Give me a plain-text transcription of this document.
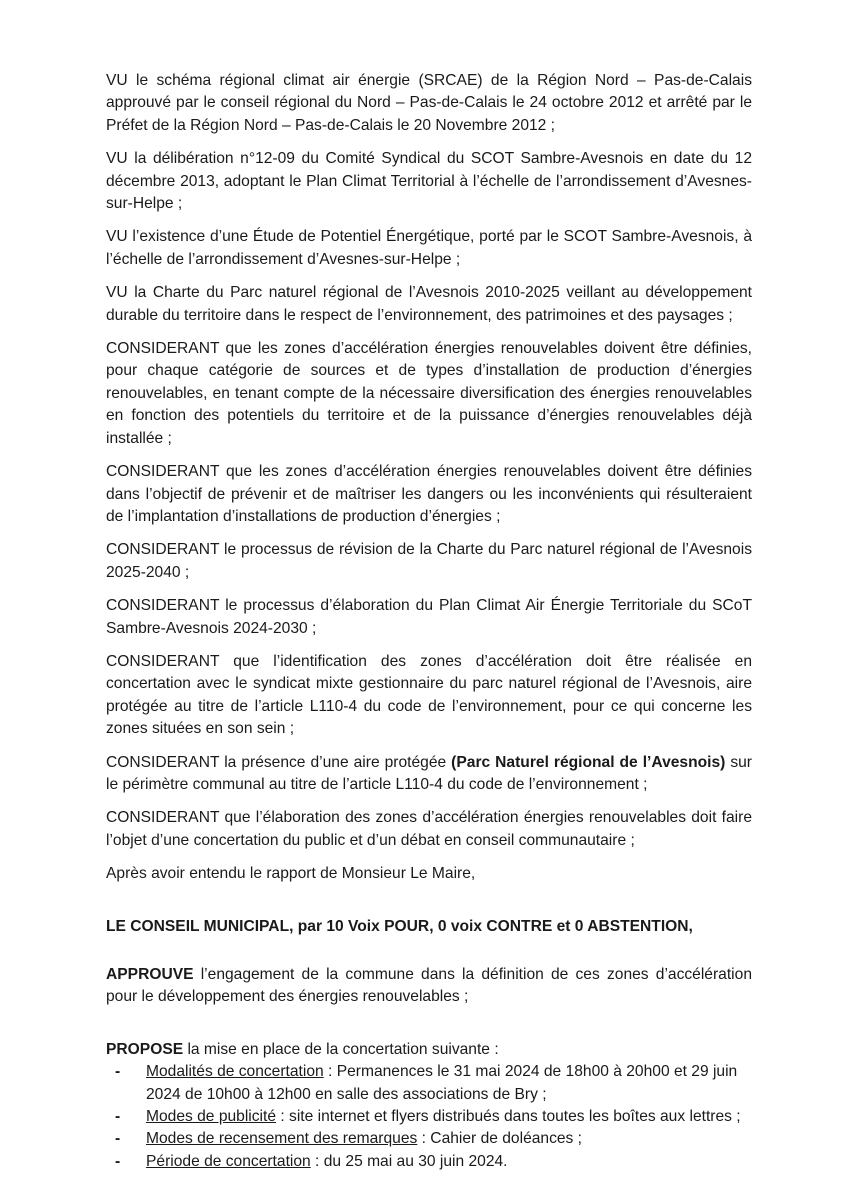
VU le schéma régional climat air énergie (SRCAE) de la Région Nord – Pas-de-Calais approuvé par le conseil régional du Nord – Pas-de-Calais le 24 octobre 2012 et arrêté par le Préfet de la Région Nord – Pas-de-Calais le 20 Novembre 2012 ;

VU la délibération n°12-09 du Comité Syndical du SCOT Sambre-Avesnois en date du 12 décembre 2013, adoptant le Plan Climat Territorial à l’échelle de l’arrondissement d’Avesnes-sur-Helpe ;

VU l’existence d’une Étude de Potentiel Énergétique, porté par le SCOT Sambre-Avesnois, à l’échelle de l’arrondissement d’Avesnes-sur-Helpe ;

VU la Charte du Parc naturel régional de l’Avesnois 2010-2025 veillant au développement durable du territoire dans le respect de l’environnement, des patrimoines et des paysages ;

CONSIDERANT que les zones d’accélération énergies renouvelables doivent être définies, pour chaque catégorie de sources et de types d’installation de production d’énergies renouvelables, en tenant compte de la nécessaire diversification des énergies renouvelables en fonction des potentiels du territoire et de la puissance d’énergies renouvelables déjà installée ;

CONSIDERANT que les zones d’accélération énergies renouvelables doivent être définies dans l’objectif de prévenir et de maîtriser les dangers ou les inconvénients qui résulteraient de l’implantation d’installations de production d’énergies ;

CONSIDERANT le processus de révision de la Charte du Parc naturel régional de l’Avesnois 2025-2040 ;

CONSIDERANT le processus d’élaboration du Plan Climat Air Énergie Territoriale du SCoT Sambre-Avesnois 2024-2030 ;

CONSIDERANT que l’identification des zones d’accélération doit être réalisée en concertation avec le syndicat mixte gestionnaire du parc naturel régional de l’Avesnois, aire protégée au titre de l’article L110-4 du code de l’environnement, pour ce qui concerne les zones situées en son sein ;

CONSIDERANT la présence d’une aire protégée (Parc Naturel régional de l’Avesnois) sur le périmètre communal au titre de l’article L110-4 du code de l’environnement ;

CONSIDERANT que l’élaboration des zones d’accélération énergies renouvelables doit faire l’objet d’une concertation du public et d’un débat en conseil communautaire ;

Après avoir entendu le rapport de Monsieur Le Maire,

LE CONSEIL MUNICIPAL, par 10 Voix POUR, 0 voix CONTRE et 0 ABSTENTION,

APPROUVE l’engagement de la commune dans la définition de ces zones d’accélération pour le développement des énergies renouvelables ;

PROPOSE la mise en place de la concertation suivante :

- Modalités de concertation : Permanences le 31 mai 2024 de 18h00 à 20h00 et 29 juin 2024 de 10h00 à 12h00 en salle des associations de Bry ;
- Modes de publicité : site internet et flyers distribués dans toutes les boîtes aux lettres ;
- Modes de recensement des remarques : Cahier de doléances ;
- Période de concertation : du 25 mai au 30 juin 2024.
